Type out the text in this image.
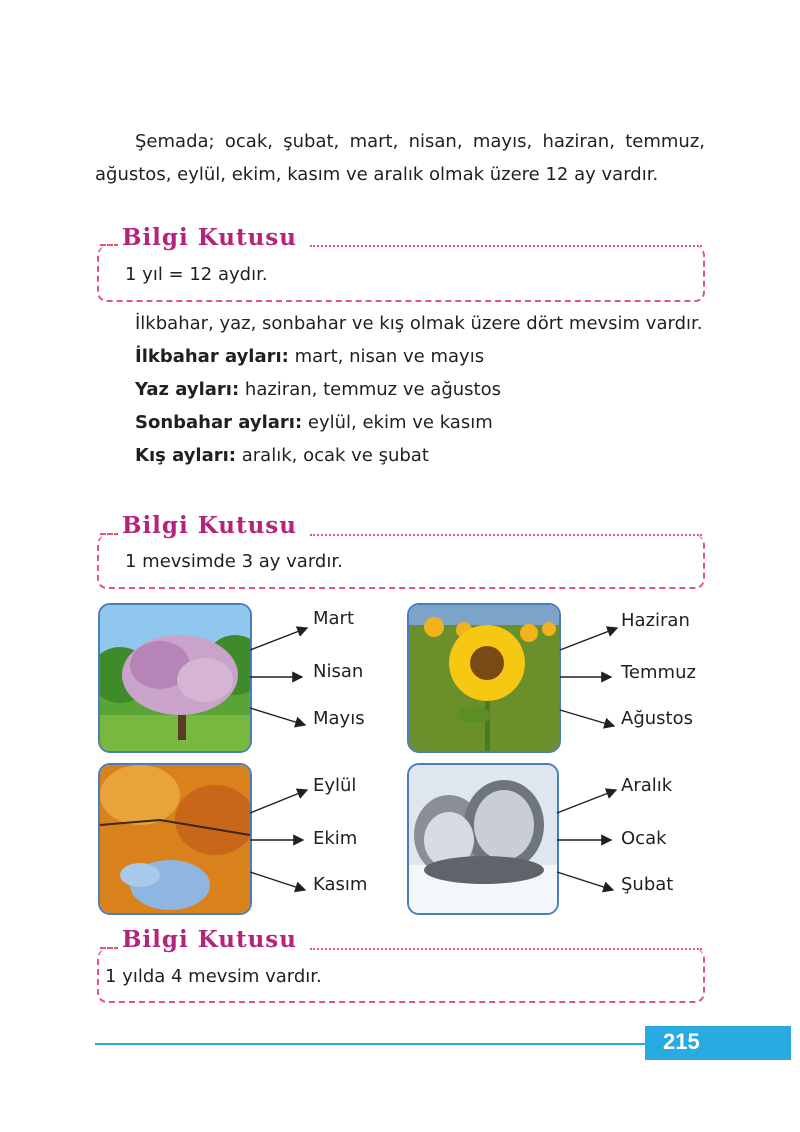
Şemada; ocak, şubat, mart, nisan, mayıs, haziran, temmuz, ağustos, eylül, ekim, kasım ve aralık olmak üzere 12 ay vardır.
Bilgi Kutusu
1 yıl = 12 aydır.
İlkbahar, yaz, sonbahar ve kış olmak üzere dört mevsim vardır.
İlkbahar ayları: mart, nisan ve mayıs
Yaz ayları: haziran, temmuz ve ağustos
Sonbahar ayları: eylül, ekim ve kasım
Kış ayları: aralık, ocak ve şubat
Bilgi Kutusu
1 mevsimde 3 ay vardır.
Mart
Nisan
Mayıs
Haziran
Temmuz
Ağustos
Eylül
Ekim
Kasım
Aralık
Ocak
Şubat
Bilgi Kutusu
1 yılda 4 mevsim vardır.
215
